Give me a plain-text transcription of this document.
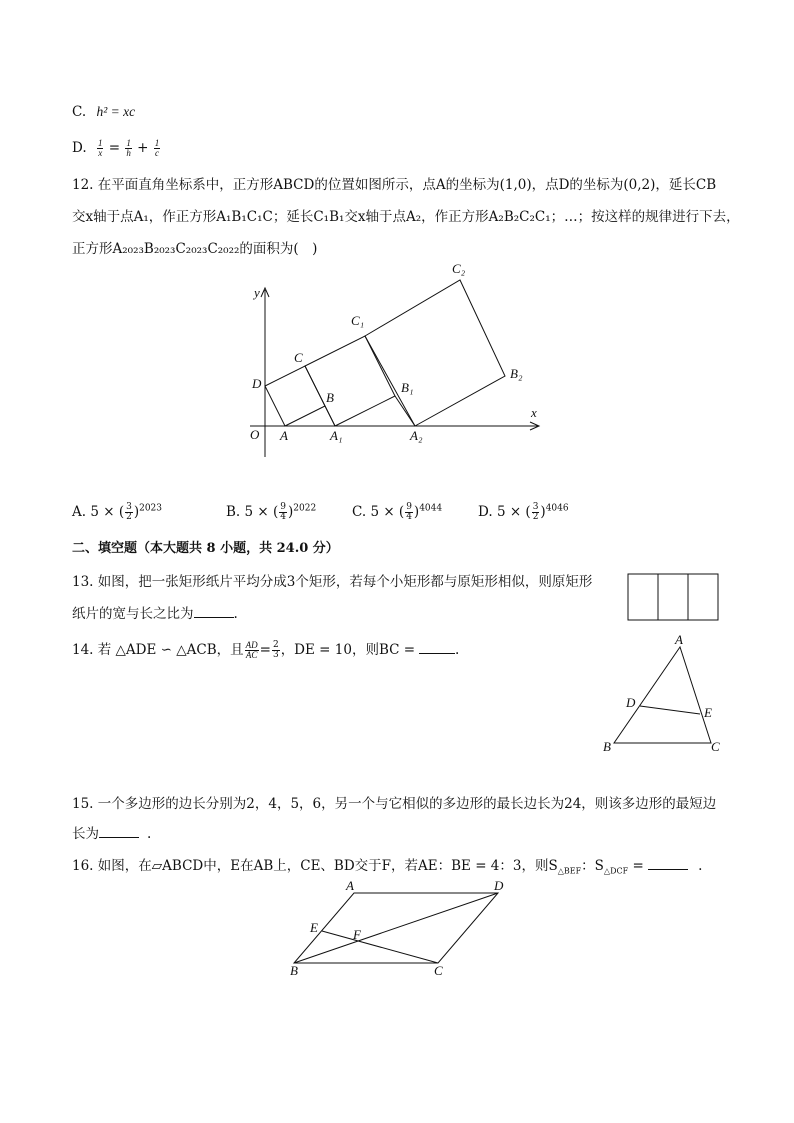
C. h² = xc
D. $\frac{1}{x} = \frac{1}{h} + \frac{1}{c}$
12. 在平面直角坐标系中，正方形ABCD的位置如图所示，点A的坐标为(1,0)，点D的坐标为(0,2)，延长CB
交x轴于点A₁，作正方形A₁B₁C₁C；延长C₁B₁交x轴于点A₂，作正方形A₂B₂C₂C₁；…；按这样的规律进行下去，
正方形A₂₀₂₃B₂₀₂₃C₂₀₂₃C₂₀₂₂的面积为(　)
y
x
O A	A₁	A₂
B
B₁
B₂
C
C₁
C₂
D
A
B	C
D
E
A	D
E	F
B	C
A. 5 × ( $\frac{3}{2} )^{2023}$	B. 5 × ( $\frac{9}{4} )^{2022}$	C. 5 × ( $\frac{9}{4} )^{4044}$	D. 5 × ( $\frac{3}{2} )^{4046}$
二、填空题（本大题共 8 小题，共 24.0 分）
13. 如图，把一张矩形纸片平均分成3个矩形，若每个小矩形都与原矩形相似，则原矩形
纸片的宽与长之比为	.
14. 若 △ADE ∽ △ACB，且 $\frac{AD}{AC} = \frac{2}{3}$ ，DE = 10，则BC =	.
15. 一个多边形的边长分别为2，4，5，6，另一个与它相似的多边形的最长边长为24，则该多边形的最短边
长为	.
16. 如图，在▱ABCD中，E在AB上，CE、BD交于F，若AE：BE = 4：3，则$S_{\triangle BEF}$：$S_{\triangle DCF}$ =	.
